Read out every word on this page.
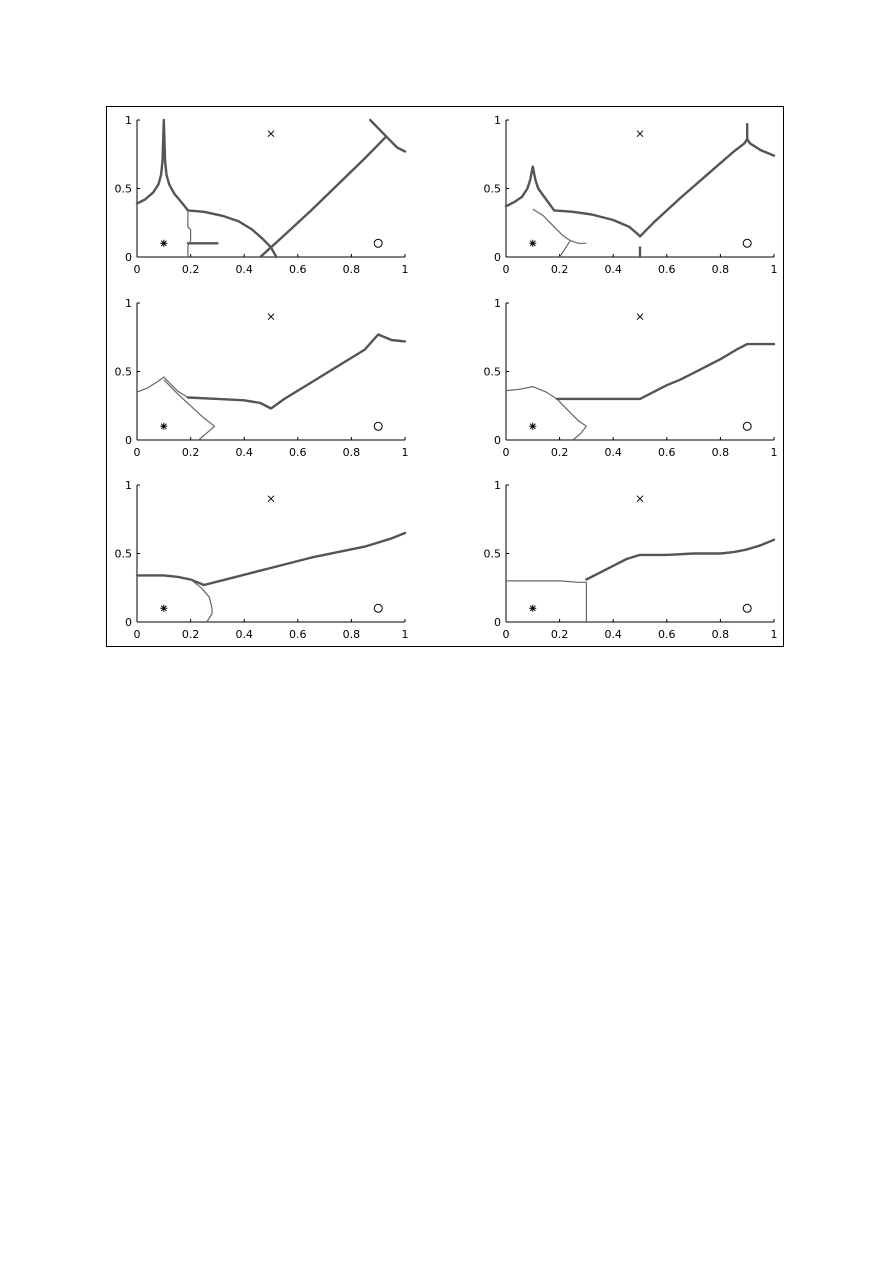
0	0.2	0.4	0.6	0.8	1
0
0.5
1
0	0.2	0.4	0.6	0.8	1
0
0.5
1
0	0.2	0.4	0.6	0.8	1
0
0.5
1
0	0.2	0.4	0.6	0.8	1
0
0.5
1
0	0.2	0.4	0.6	0.8	1
0
0.5
1
0	0.2	0.4	0.6	0.8	1
0
0.5
1
